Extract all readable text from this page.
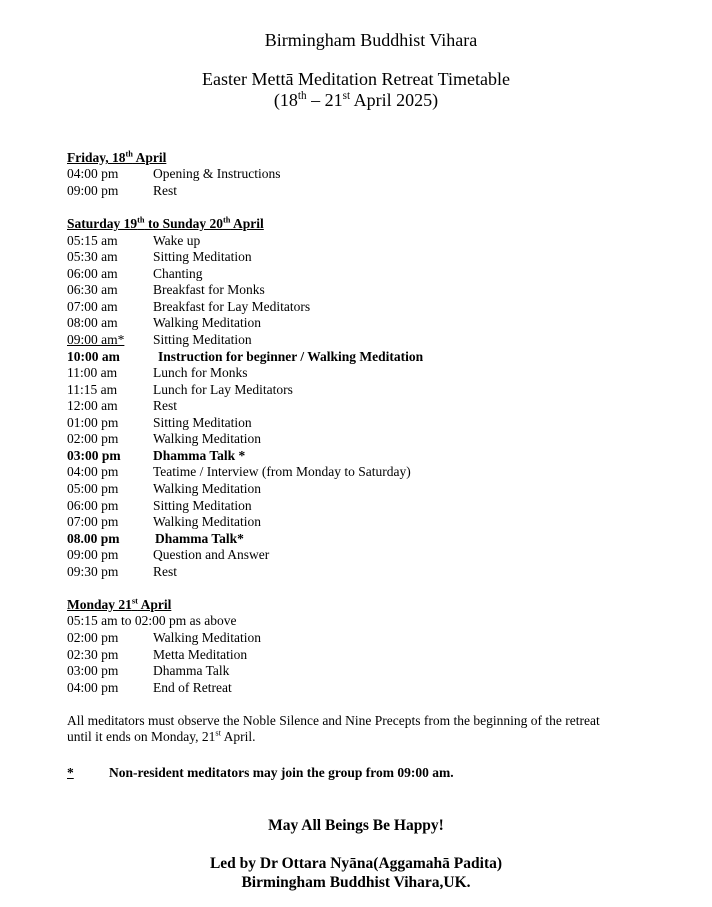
Birmingham Buddhist Vihara
Easter Mettā Meditation Retreat Timetable
(18th – 21st April 2025)
Friday, 18th April
04:00 pm	Opening & Instructions
09:00 pm	Rest
Saturday 19th to Sunday 20th April
05:15 am	Wake up
05:30 am	Sitting Meditation
06:00 am	Chanting
06:30 am	Breakfast for Monks
07:00 am	Breakfast for Lay Meditators
08:00 am	Walking Meditation
09:00 am* Sitting Meditation
10:00 am	Instruction for beginner / Walking Meditation
11:00 am	Lunch for Monks
11:15 am	Lunch for Lay Meditators
12:00 am	Rest
01:00 pm	Sitting Meditation
02:00 pm	Walking Meditation
03:00 pm Dhamma Talk *
04:00 pm	Teatime / Interview (from Monday to Saturday)
05:00 pm	Walking Meditation
06:00 pm	Sitting Meditation
07:00 pm	Walking Meditation
08.00 pm	Dhamma Talk*
09:00 pm	Question and Answer
09:30 pm	Rest
Monday 21st April
05:15 am to 02:00 pm as above
02:00 pm	Walking Meditation
02:30 pm	Metta Meditation
03:00 pm	Dhamma Talk
04:00 pm	End of Retreat
All meditators must observe the Noble Silence and Nine Precepts from the beginning of the retreat
until it ends on Monday, 21st April.
*	Non-resident meditators may join the group from 09:00 am.
May All Beings Be Happy!
Led by Dr Ottara Nyāna(Aggamahā Padita)
Birmingham Buddhist Vihara,UK.
